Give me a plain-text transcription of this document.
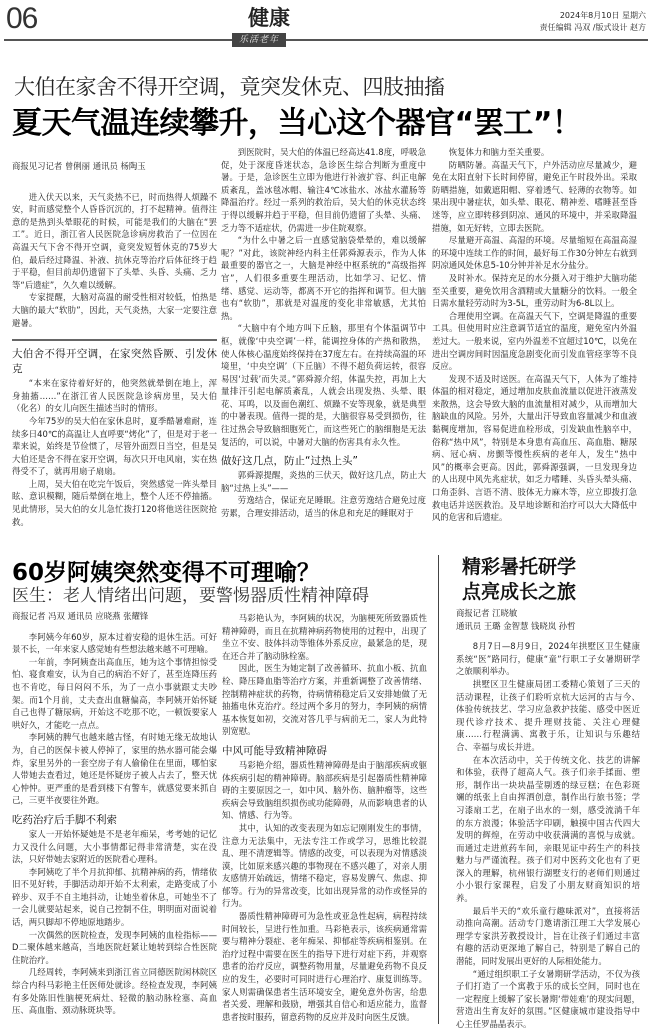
06	健康
乐活老年
2024年8月10日 星期六
责任编辑 冯双 /版式设计 赵方
大伯在家舍不得开空调，竟突发休克、四肢抽搐
夏天气温连续攀升，当心这个器官“罢工”！

商报见习记者 曾俐丽 通讯员 杨陶玉

进入伏天以来，天气炎热不已，时而热得人烦躁不安，时而感觉整个人昏昏沉沉的，打不起精神。值得注意的是热到头晕眼花的时候，可能是我们的大脑在“罢工”。近日，浙江省人民医院急诊病房救治了一位因在高温天气下舍不得开空调，竟突发短暂休克的75岁大伯，最后经过降温、补液、抗休克等治疗后体征终于趋于平稳，但目前却仍遗留下了头晕、头昏、头痛、乏力等“后遗症”，久久难以缓解。

专家提醒，大脑对高温的耐受性相对较低，怕热是大脑的最大“软肋”，因此，天气炎热，大家一定要注意避暑。

大伯舍不得开空调，在家突然昏厥、引发休克

“本来在家待着好好的，他突然就晕倒在地上，浑身抽搐……”在浙江省人民医院急诊病房里，吴大伯（化名）的女儿向医生描述当时的情形。

今年75岁的吴大伯在家休息时，夏季酷暑难耐，连续多日40℃的高温让人直呼要“烤化”了，但是对于老一辈来说，始终是节俭惯了，尽管外面烈日当空，但是吴大伯还是舍不得在家开空调，每次只开电风扇，实在热得受不了，就再用扇子扇扇。

上周，吴大伯在吃完午饭后，突然感觉一阵头晕目眩、意识模糊，随后晕倒在地上，整个人还不停抽搐。见此情形，吴大伯的女儿急忙拨打120将他送往医院抢救。

到医院时，吴大伯的体温已经高达41.8度，呼吸急促，处于深度昏迷状态，急诊医生综合判断为重度中暑。于是，急诊医生立即为他进行补液扩容、纠正电解质紊乱，盖冰毯冰帽、输注4℃冰盐水、冰盐水灌肠等降温治疗。经过一系列的救治后，吴大伯的休克状态终于得以缓解并趋于平稳，但目前仍遗留了头晕、头痛、乏力等不适症状，仍需进一步住院观察。

“为什么中暑之后一直感觉脑袋晕晕的，难以缓解呢？”对此，该院神经内科主任郭舜源表示，作为人体最重要的器官之一，大脑是神经中枢系统的“高级指挥官”，人们很多重要生理活动，比如学习、记忆、情绪、感觉、运动等，都离不开它的指挥和调节。但大脑也有“软肋”，那就是对温度的变化非常敏感，尤其怕热。

“大脑中有个地方叫下丘脑，那里有个体温调节中枢，就像‘中央空调’一样，能调控身体的产热和散热，使人体核心温度始终保持在37度左右。在持续高温的环境里，‘中央空调’（下丘脑）不得不超负荷运转，很容易因‘过载’而失灵。”郭舜源介绍，体温失控，再加上大量排汗引起电解质紊乱，人就会出现发热、头晕、眼花、耳鸣，以及面色潮红、烦躁不安等现象，就是典型的中暑表现。值得一提的是，大脑很容易受到损伤，往往过热会导致脑细胞死亡，而这些死亡的脑细胞是无法复活的，可以说，中暑对大脑的伤害具有永久性。

做好这几点，防止“过热上头”

郭舜源提醒，炎热的三伏天，做好这几点，防止大脑“过热上头”——

劳逸结合，保证充足睡眠。注意劳逸结合避免过度劳累，合理安排活动，适当的休息和充足的睡眠对于

恢复体力和脑力至关重要。

防晒防暑。高温天气下，户外活动应尽量减少，避免在太阳直射下长时间停留，避免正午时段外出。采取防晒措施，如戴遮阳帽、穿着透气、轻薄的衣物等。如果出现中暑症状，如头晕、眼花、精神差、嗜睡甚至昏迷等，应立即转移到阴凉、通风的环境中，并采取降温措施，如无好转，立即去医院。

尽量避开高温、高湿的环境。尽量缩短在高温高湿的环境中连续工作的时间，最好每工作30分钟左右就到阴凉通风处休息5-10分钟并补足水分盐分。

及时补水。保持充足的水分摄入对于维护大脑功能至关重要，避免饮用含酒精或大量糖分的饮料。一般全日需水量轻劳动时为3-5L，重劳动时为6-8L以上。

合理使用空调。在高温天气下，空调是降温的重要工具。但使用时应注意调节适宜的温度，避免室内外温差过大。一般来说，室内外温差不宜超过10℃，以免在进出空调房间时因温度急剧变化而引发血管痉挛等不良反应。

发现不适及时送医。在高温天气下，人体为了维持体温的相对稳定，通过增加皮肤血流量以促进汗液蒸发来散热，这会导致大脑的血流量相对减少，从而增加大脑缺血的风险。另外，大量出汗导致血容量减少和血液黏稠度增加，容易促进血栓形成，引发缺血性脑卒中，俗称“热中风”，特别是本身患有高血压、高血脂、糖尿病、冠心病、房颤等慢性疾病的老年人，发生“热中风”的概率会更高。因此，郭舜源强调，一旦发现身边的人出现中风先兆症状，如乏力嗜睡、头昏头晕头痛、口角歪斜、言语不清、肢体无力麻木等，应立即拨打急救电话并送医救治。及早地诊断和治疗可以大大降低中风的危害和后遗症。

60岁阿姨突然变得不可理喻？
医生：老人情绪出问题，要警惕器质性精神障碍

商报记者 冯双 通讯员 应晓燕 张耀锋

李阿姨今年60岁，原本过着安稳的退休生活。可好景不长，一年来家人感觉她有些想法越来越不可理喻。

一年前，李阿姨查出高血压，她为这个事情担惊受怕、寝食难安，认为自己的病治不好了，甚至连降压药也不肯吃，每日闷闷不乐，为了一点小事就跟丈夫吵架。而1个月前，丈夫查出血糖偏高，李阿姨开始怀疑自己也得了糖尿病，开始这不吃那不吃，一顿饭要家人哄好久，才能吃一点点。

李阿姨的脾气也越来越古怪，有时她无缘无故地认为，自己的医保卡被人停掉了，家里的热水器可能会爆炸，家里另外的一套空房子有人偷偷住在里面，哪怕家人带她去查看过，她还是怀疑房子被人占去了，整天忧心忡忡。更严重的是看到楼下有警车，就感觉要来抓自己，三更半夜要往外跑。

吃药治疗后手脚不利索

家人一开始怀疑她是不是老年痴呆，考考她的记忆力又没什么问题，大小事情都记得非常清楚，实在没法，只好带她去家附近的医院看心理科。

李阿姨吃了半个月抗抑郁、抗精神病的药，情绪依旧不见好转，手脚活动却开始不太利索，走路变成了小碎步、双手不自主地抖动，让她坐着休息，可她坐不了一会儿就要站起来，说自己控制不住，明明面对面说着话，两只脚却不停地原地踏步。

一次偶然的医院检查，发现李阿姨的血栓指标——D二聚体越来越高，当地医院赶紧让她转到综合性医院住院治疗。

几经周转，李阿姨来到浙江省立同德医院闲林院区综合内科马彩艳主任医师处就诊。经检查发现，李阿姨有多处陈旧性脑梗死病灶、轻微的脑动脉栓塞、高血压、高血脂、颈动脉斑块等。

马彩艳认为，李阿姨的状况，为脑梗死所致器质性精神障碍，而且在抗精神病药物使用的过程中，出现了坐立不安、肢体抖动等锥体外系反应，最紧急的是，现在还合并了脑动脉栓塞。

因此，医生为她定制了改善循环、抗血小板、抗血栓、降压降血脂等治疗方案，并重新调整了改善情绪、控制精神症状的药物，待病情稍稳定后又安排她做了无抽搐电休克治疗。经过两个多月的努力，李阿姨的病情基本恢复如初，交流对答几乎与病前无二，家人为此特别宽慰。

中风可能导致精神障碍

马彩艳介绍，器质性精神障碍是由于脑部疾病或躯体疾病引起的精神障碍。脑部疾病是引起器质性精神障碍的主要原因之一，如中风、脑外伤、脑肿瘤等，这些疾病会导致脑组织损伤或功能障碍，从而影响患者的认知、情感、行为等。

其中，认知的改变表现为如忘记刚刚发生的事情，注意力无法集中，无法专注工作或学习，思维比较混乱、理不清逻辑等。情感的改变，可以表现为对情感淡漠，比如原来感兴趣的事物现在不感兴趣了，对亲人朋友感情开始疏远，情绪不稳定，容易发脾气、焦虑、抑郁等。行为的异常改变，比如出现异常的动作或怪异的行为。

器质性精神障碍可为急性或亚急性起病，病程持续时间较长，呈进行性加重。马彩艳表示，该疾病通常需要与精神分裂症、老年痴呆、抑郁症等疾病相鉴别。在治疗过程中需要在医生的指导下进行对症下药，并观察患者的治疗反应，调整药物用量，尽量避免药物不良反应的发生，必要时可同时进行心理治疗、康复训练等。家人则需确保患者生活环境安全，避免意外伤害，给患者关爱、理解和鼓励，增强其自信心和适应能力，监督患者按时服药，留意药物的反应并及时向医生反馈。

精彩暑托研学
点亮成长之旅

商报记者 江晓敏
通讯员 王璐 金智慧 钱晓岚 孙哲

8月7日—8月9日，2024年拱墅区卫生健康系统“医”路同行，健康“童”行职工子女暑期研学之旅顺利举办。

拱墅区卫生健康局团工委精心策划了三天的活动课程，让孩子们聆听京杭大运河的古与今、体验传统技艺、学习应急救护技能、感受中医近现代诊疗技术、提升理财技能、关注心理健康……行程满满、寓教于乐，让知识与乐趣结合、幸福与成长并进。

在本次活动中，关于传统文化、技艺的讲解和体验，获得了超高人气。孩子们亲手揉面、塑形，制作出一块块晶莹剔透的绿豆糕；在色彩斑斓的纸张上自由挥洒创意，制作出行旅书签；学习漆扇工艺，在扇子出水的一刻，感受流淌千年的东方浪漫；体验活字印刷，触摸中国古代四大发明的辉煌，在劳动中收获满满的喜悦与成就。而通过走进煎药车间，亲眼见证中药生产的科技魅力与严谨流程。孩子们对中医药文化也有了更深入的理解，杭州银行湖墅支行的老师们则通过小小银行家课程，启发了小朋友财商知识的培养。

最后半天的“欢乐童行趣味派对”，直接将活动推向高潮。活动专门邀请浙江理工大学发展心理学专家洪芳教授设计，旨在让孩子们通过丰富有趣的活动更深地了解自己，特别是了解自己的潜能，同时发展出更好的人际相处能力。

“通过组织职工子女暑期研学活动，不仅为孩子们打造了一个寓教于乐的成长空间，同时也在一定程度上缓解了家长暑期‘带娃难’的现实问题，营造出生育友好的氛围。”区健康城市建设指导中心主任罗晶晶表示。
